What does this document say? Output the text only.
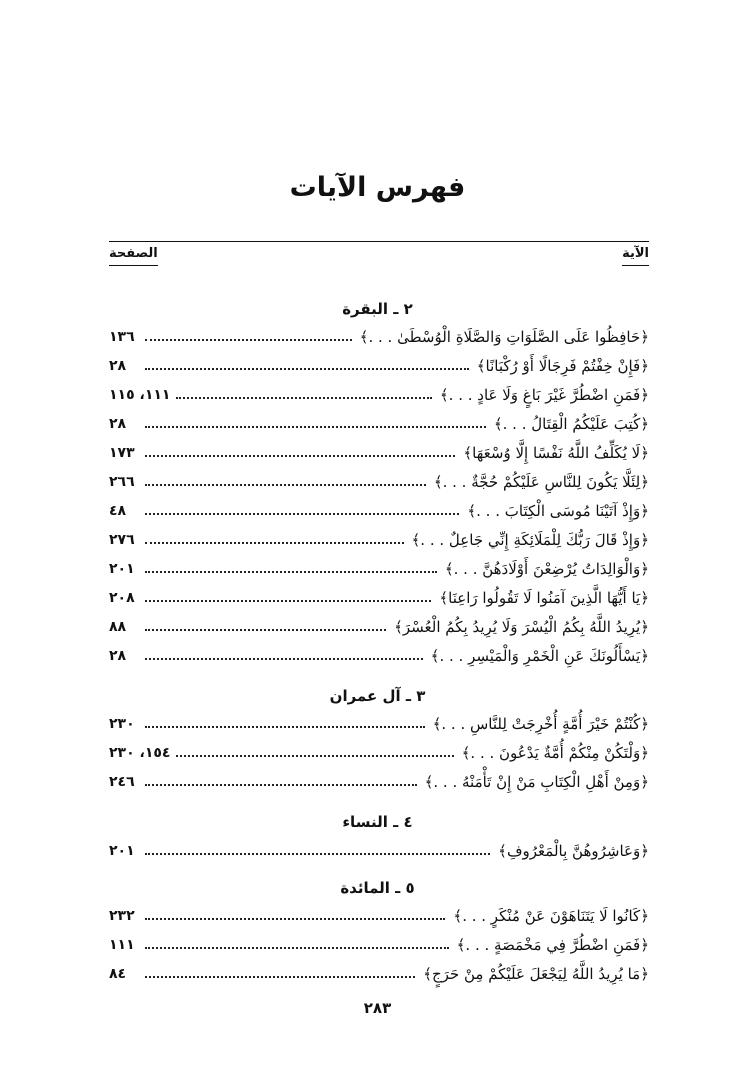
فهرس الآيات
الآية
الصفحة
٢ ـ البقرة
﴿حَافِظُوا عَلَى الصَّلَوَاتِ وَالصَّلَاةِ الْوُسْطَىٰ . . .﴾
١٣٦
﴿فَإِنْ خِفْتُمْ فَرِجَالًا أَوْ رُكْبَانًا﴾
٢٨
﴿فَمَنِ اضْطُرَّ غَيْرَ بَاغٍ وَلَا عَادٍ . . .﴾
١١١، ١١٥
﴿كُتِبَ عَلَيْكُمُ الْقِتَالُ . . .﴾
٢٨
﴿لَا يُكَلِّفُ اللَّهُ نَفْسًا إِلَّا وُسْعَهَا﴾
١٧٣
﴿لِئَلَّا يَكُونَ لِلنَّاسِ عَلَيْكُمْ حُجَّةٌ . . .﴾
٢٦٦
﴿وَإِذْ آتَيْنَا مُوسَى الْكِتَابَ . . .﴾
٤٨
﴿وَإِذْ قَالَ رَبُّكَ لِلْمَلَائِكَةِ إِنِّي جَاعِلٌ . . .﴾
٢٧٦
﴿وَالْوَالِدَاتُ يُرْضِعْنَ أَوْلَادَهُنَّ . . .﴾
٢٠١
﴿يَا أَيُّهَا الَّذِينَ آمَنُوا لَا تَقُولُوا رَاعِنَا﴾
٢٠٨
﴿يُرِيدُ اللَّهُ بِكُمُ الْيُسْرَ وَلَا يُرِيدُ بِكُمُ الْعُسْرَ﴾
٨٨
﴿يَسْأَلُونَكَ عَنِ الْخَمْرِ وَالْمَيْسِرِ . . .﴾
٢٨
٣ ـ آل عمران
﴿كُنْتُمْ خَيْرَ أُمَّةٍ أُخْرِجَتْ لِلنَّاسِ . . .﴾
٢٣٠
﴿وَلْتَكُنْ مِنْكُمْ أُمَّةٌ يَدْعُونَ . . .﴾
١٥٤، ٢٣٠
﴿وَمِنْ أَهْلِ الْكِتَابِ مَنْ إِنْ تَأْمَنْهُ . . .﴾
٢٤٦
٤ ـ النساء
﴿وَعَاشِرُوهُنَّ بِالْمَعْرُوفِ﴾
٢٠١
٥ ـ المائدة
﴿كَانُوا لَا يَتَنَاهَوْنَ عَنْ مُنْكَرٍ . . .﴾
٢٣٢
﴿فَمَنِ اضْطُرَّ فِي مَخْمَصَةٍ . . .﴾
١١١
﴿مَا يُرِيدُ اللَّهُ لِيَجْعَلَ عَلَيْكُمْ مِنْ حَرَجٍ﴾
٨٤
٢٨٣
